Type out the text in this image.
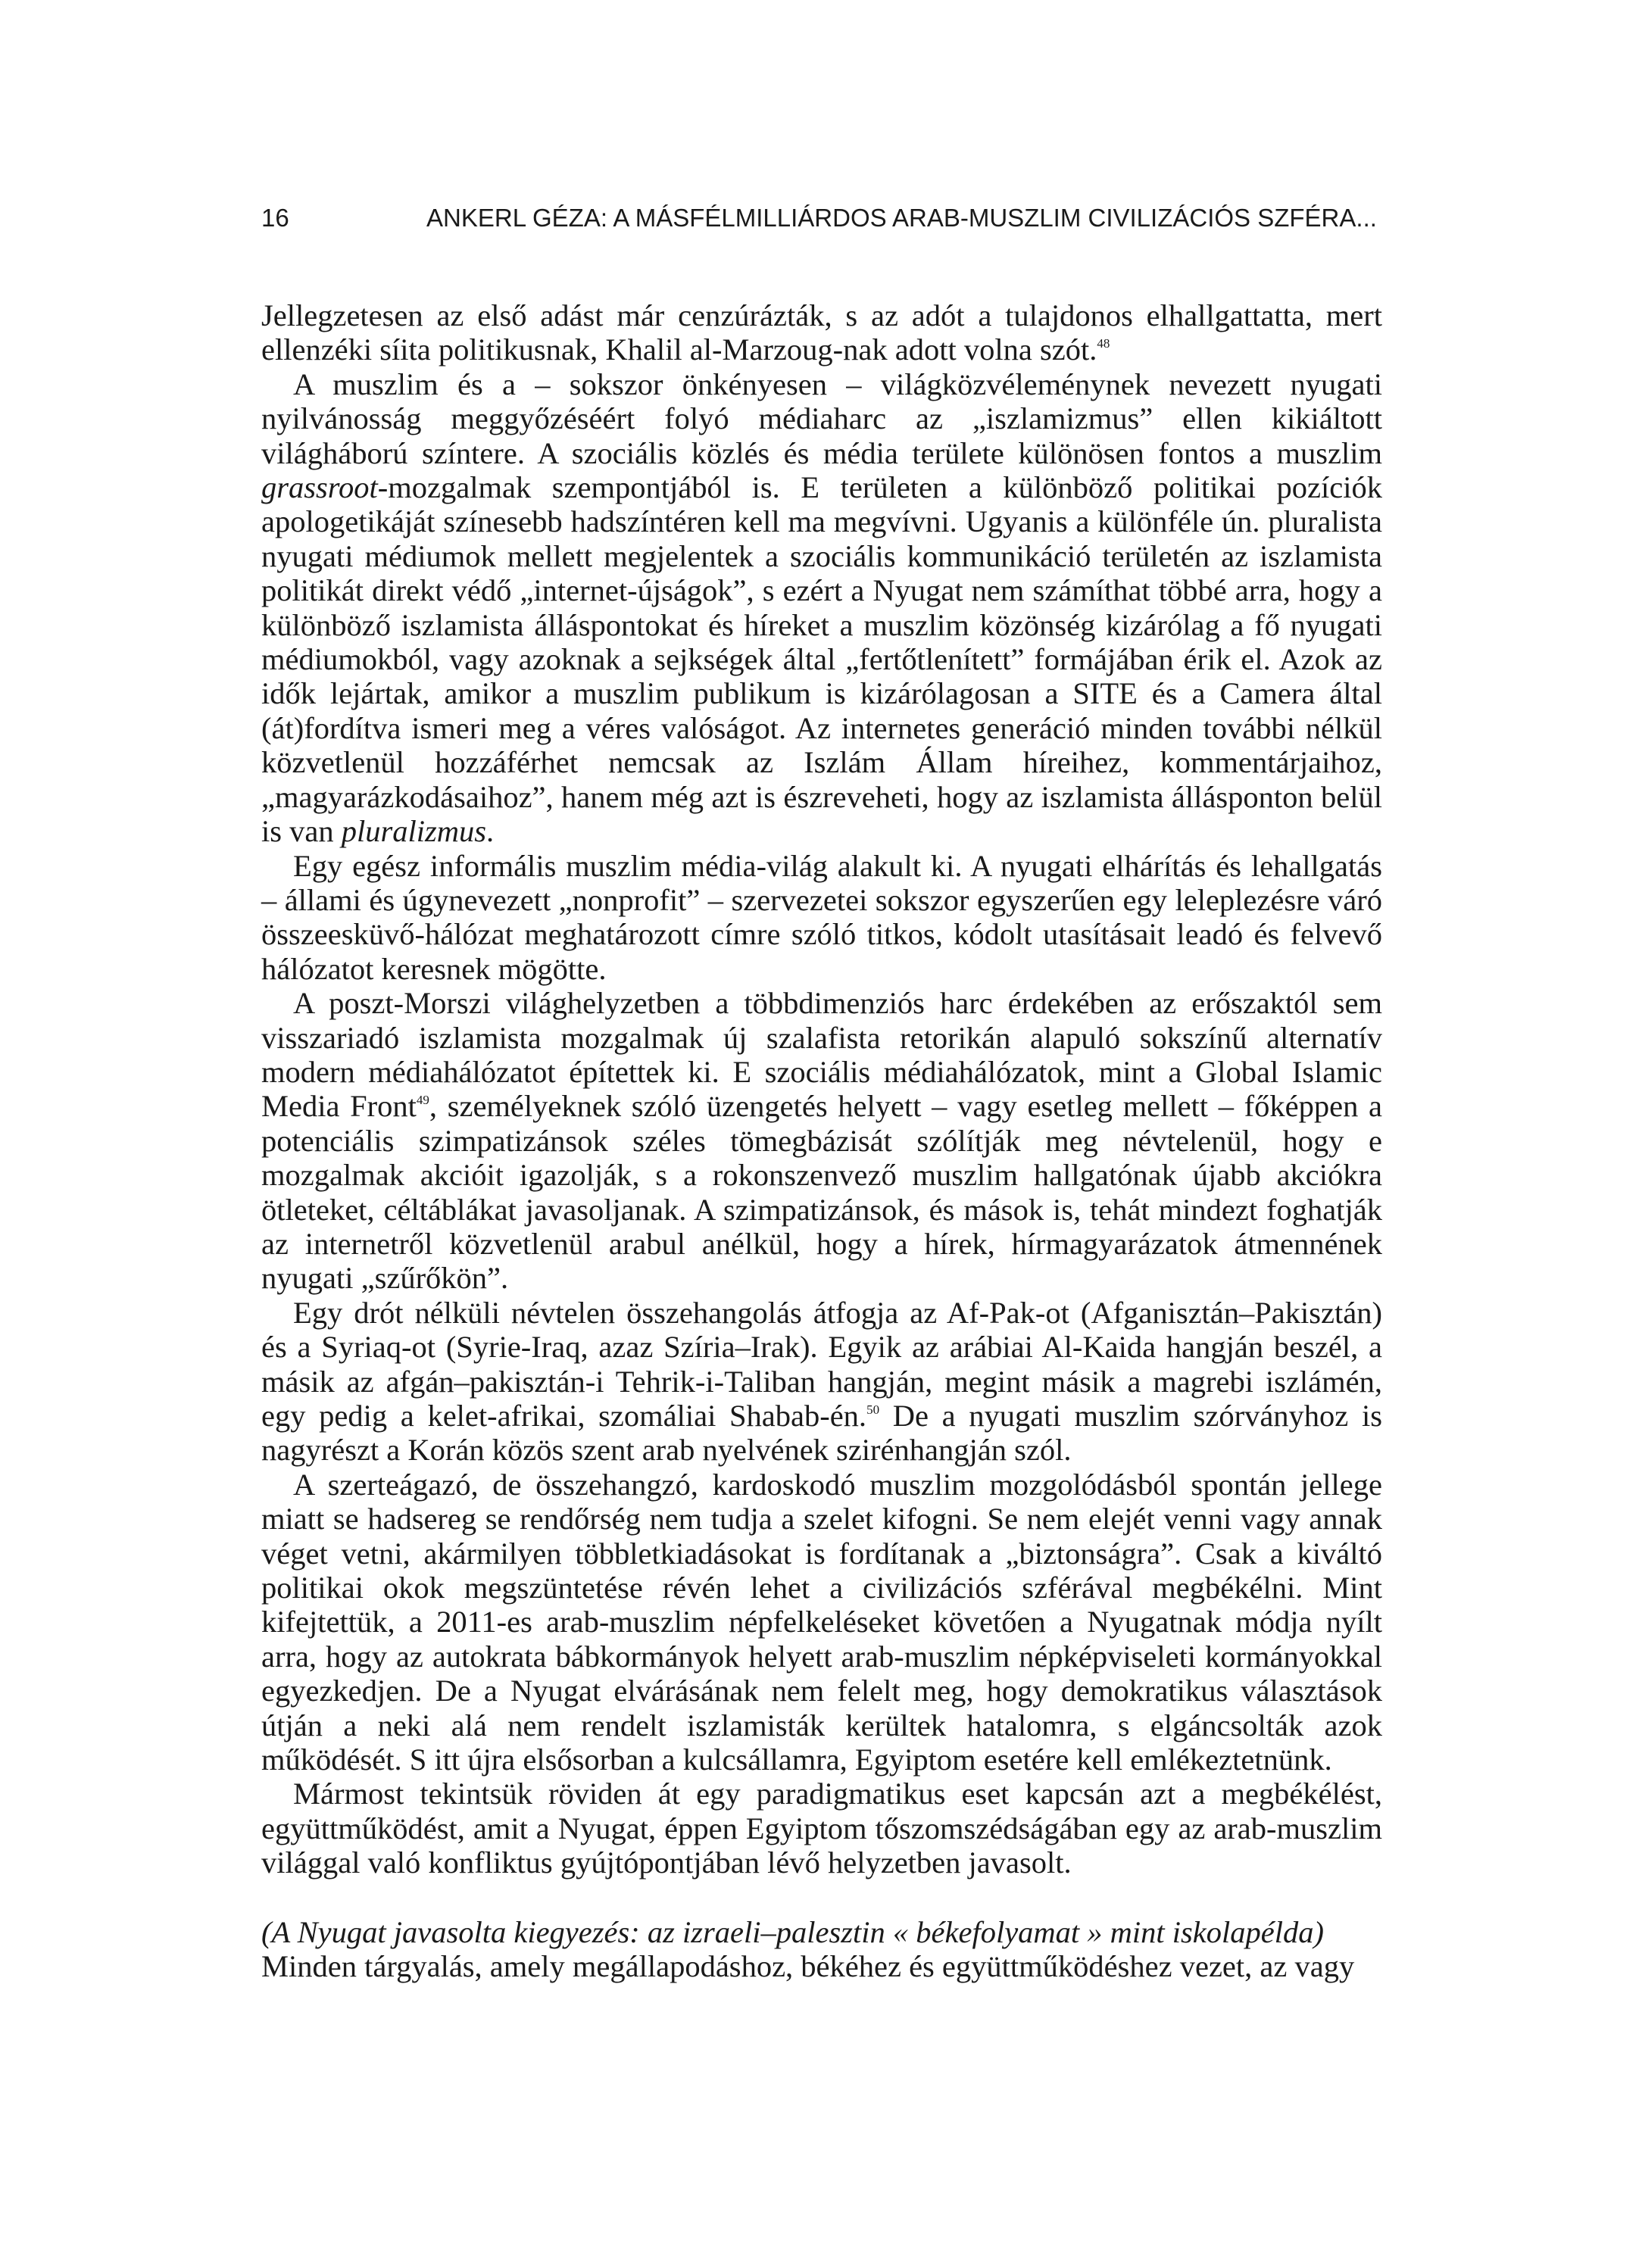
16	ANKERL GÉZA: A MÁSFÉLMILLIÁRDOS ARAB-MUSZLIM CIVILIZÁCIÓS SZFÉRA...

Jellegzetesen az első adást már cenzúrázták, s az adót a tulajdonos elhallgattatta, mert ellenzéki síita politikusnak, Khalil al-Marzoug-nak adott volna szót.$^{48}$

A muszlim és a – sokszor önkényesen – világközvéleménynek nevezett nyugati nyilvánosság meggyőzéséért folyó médiaharc az „iszlamizmus” ellen kikiáltott világháború színtere. A szociális közlés és média területe különösen fontos a muszlim grassroot-mozgalmak szempontjából is. E területen a különböző politikai pozíciók apologetikáját színesebb hadszíntéren kell ma megvívni. Ugyanis a különféle ún. pluralista nyugati médiumok mellett megjelentek a szociális kommunikáció területén az iszlamista politikát direkt védő „internet-újságok”, s ezért a Nyugat nem számíthat többé arra, hogy a különböző iszlamista álláspontokat és híreket a muszlim közönség kizárólag a fő nyugati médiumokból, vagy azoknak a sejkségek által „fertőtlenített” formájában érik el. Azok az idők lejártak, amikor a muszlim publikum is kizárólagosan a SITE és a Camera által (át)fordítva ismeri meg a véres valóságot. Az internetes generáció minden további nélkül közvetlenül hozzáférhet nemcsak az Iszlám Állam híreihez, kommentárjaihoz, „magyarázkodásaihoz”, hanem még azt is észreveheti, hogy az iszlamista állásponton belül is van pluralizmus.

Egy egész informális muszlim média-világ alakult ki. A nyugati elhárítás és lehallgatás – állami és úgynevezett „nonprofit” – szervezetei sokszor egyszerűen egy leleplezésre váró összeesküvő-hálózat meghatározott címre szóló titkos, kódolt utasításait leadó és felvevő hálózatot keresnek mögötte.

A poszt-Morszi világhelyzetben a többdimenziós harc érdekében az erőszaktól sem visszariadó iszlamista mozgalmak új szalafista retorikán alapuló sokszínű alternatív modern médiahálózatot építettek ki. E szociális médiahálózatok, mint a Global Islamic Media Front$^{49}$, személyeknek szóló üzengetés helyett – vagy esetleg mellett – főképpen a potenciális szimpatizánsok széles tömegbázisát szólítják meg névtelenül, hogy e mozgalmak akcióit igazolják, s a rokonszenvező muszlim hallgatónak újabb akciókra ötleteket, céltáblákat javasoljanak. A szimpatizánsok, és mások is, tehát mindezt foghatják az internetről közvetlenül arabul anélkül, hogy a hírek, hírmagyarázatok átmennének nyugati „szűrőkön”.

Egy drót nélküli névtelen összehangolás átfogja az Af-Pak-ot (Afganisztán–Pakisztán) és a Syriaq-ot (Syrie-Iraq, azaz Szíria–Irak). Egyik az arábiai Al-Kaida hangján beszél, a másik az afgán–pakisztán-i Tehrik-i-Taliban hangján, megint másik a magrebi iszlámén, egy pedig a kelet-afrikai, szomáliai Shabab-én.$^{50}$ De a nyugati muszlim szórványhoz is nagyrészt a Korán közös szent arab nyelvének szirénhangján szól.

A szerteágazó, de összehangzó, kardoskodó muszlim mozgolódásból spontán jellege miatt se hadsereg se rendőrség nem tudja a szelet kifogni. Se nem elejét venni vagy annak véget vetni, akármilyen többletkiadásokat is fordítanak a „biztonságra”. Csak a kiváltó politikai okok megszüntetése révén lehet a civilizációs szférával megbékélni. Mint kifejtettük, a 2011-es arab-muszlim népfelkeléseket követően a Nyugatnak módja nyílt arra, hogy az autokrata bábkormányok helyett arab-muszlim népképviseleti kormányokkal egyezkedjen. De a Nyugat elvárásának nem felelt meg, hogy demokratikus választások útján a neki alá nem rendelt iszlamisták kerültek hatalomra, s elgáncsolták azok működését. S itt újra elsősorban a kulcsállamra, Egyiptom esetére kell emlékeztetnünk.

Mármost tekintsük röviden át egy paradigmatikus eset kapcsán azt a megbékélést, együttműködést, amit a Nyugat, éppen Egyiptom tőszomszédságában egy az arab-muszlim világgal való konfliktus gyújtópontjában lévő helyzetben javasolt.

(A Nyugat javasolta kiegyezés: az izraeli–palesztin « békefolyamat » mint iskolapélda)

Minden tárgyalás, amely megállapodáshoz, békéhez és együttműködéshez vezet, az vagy
